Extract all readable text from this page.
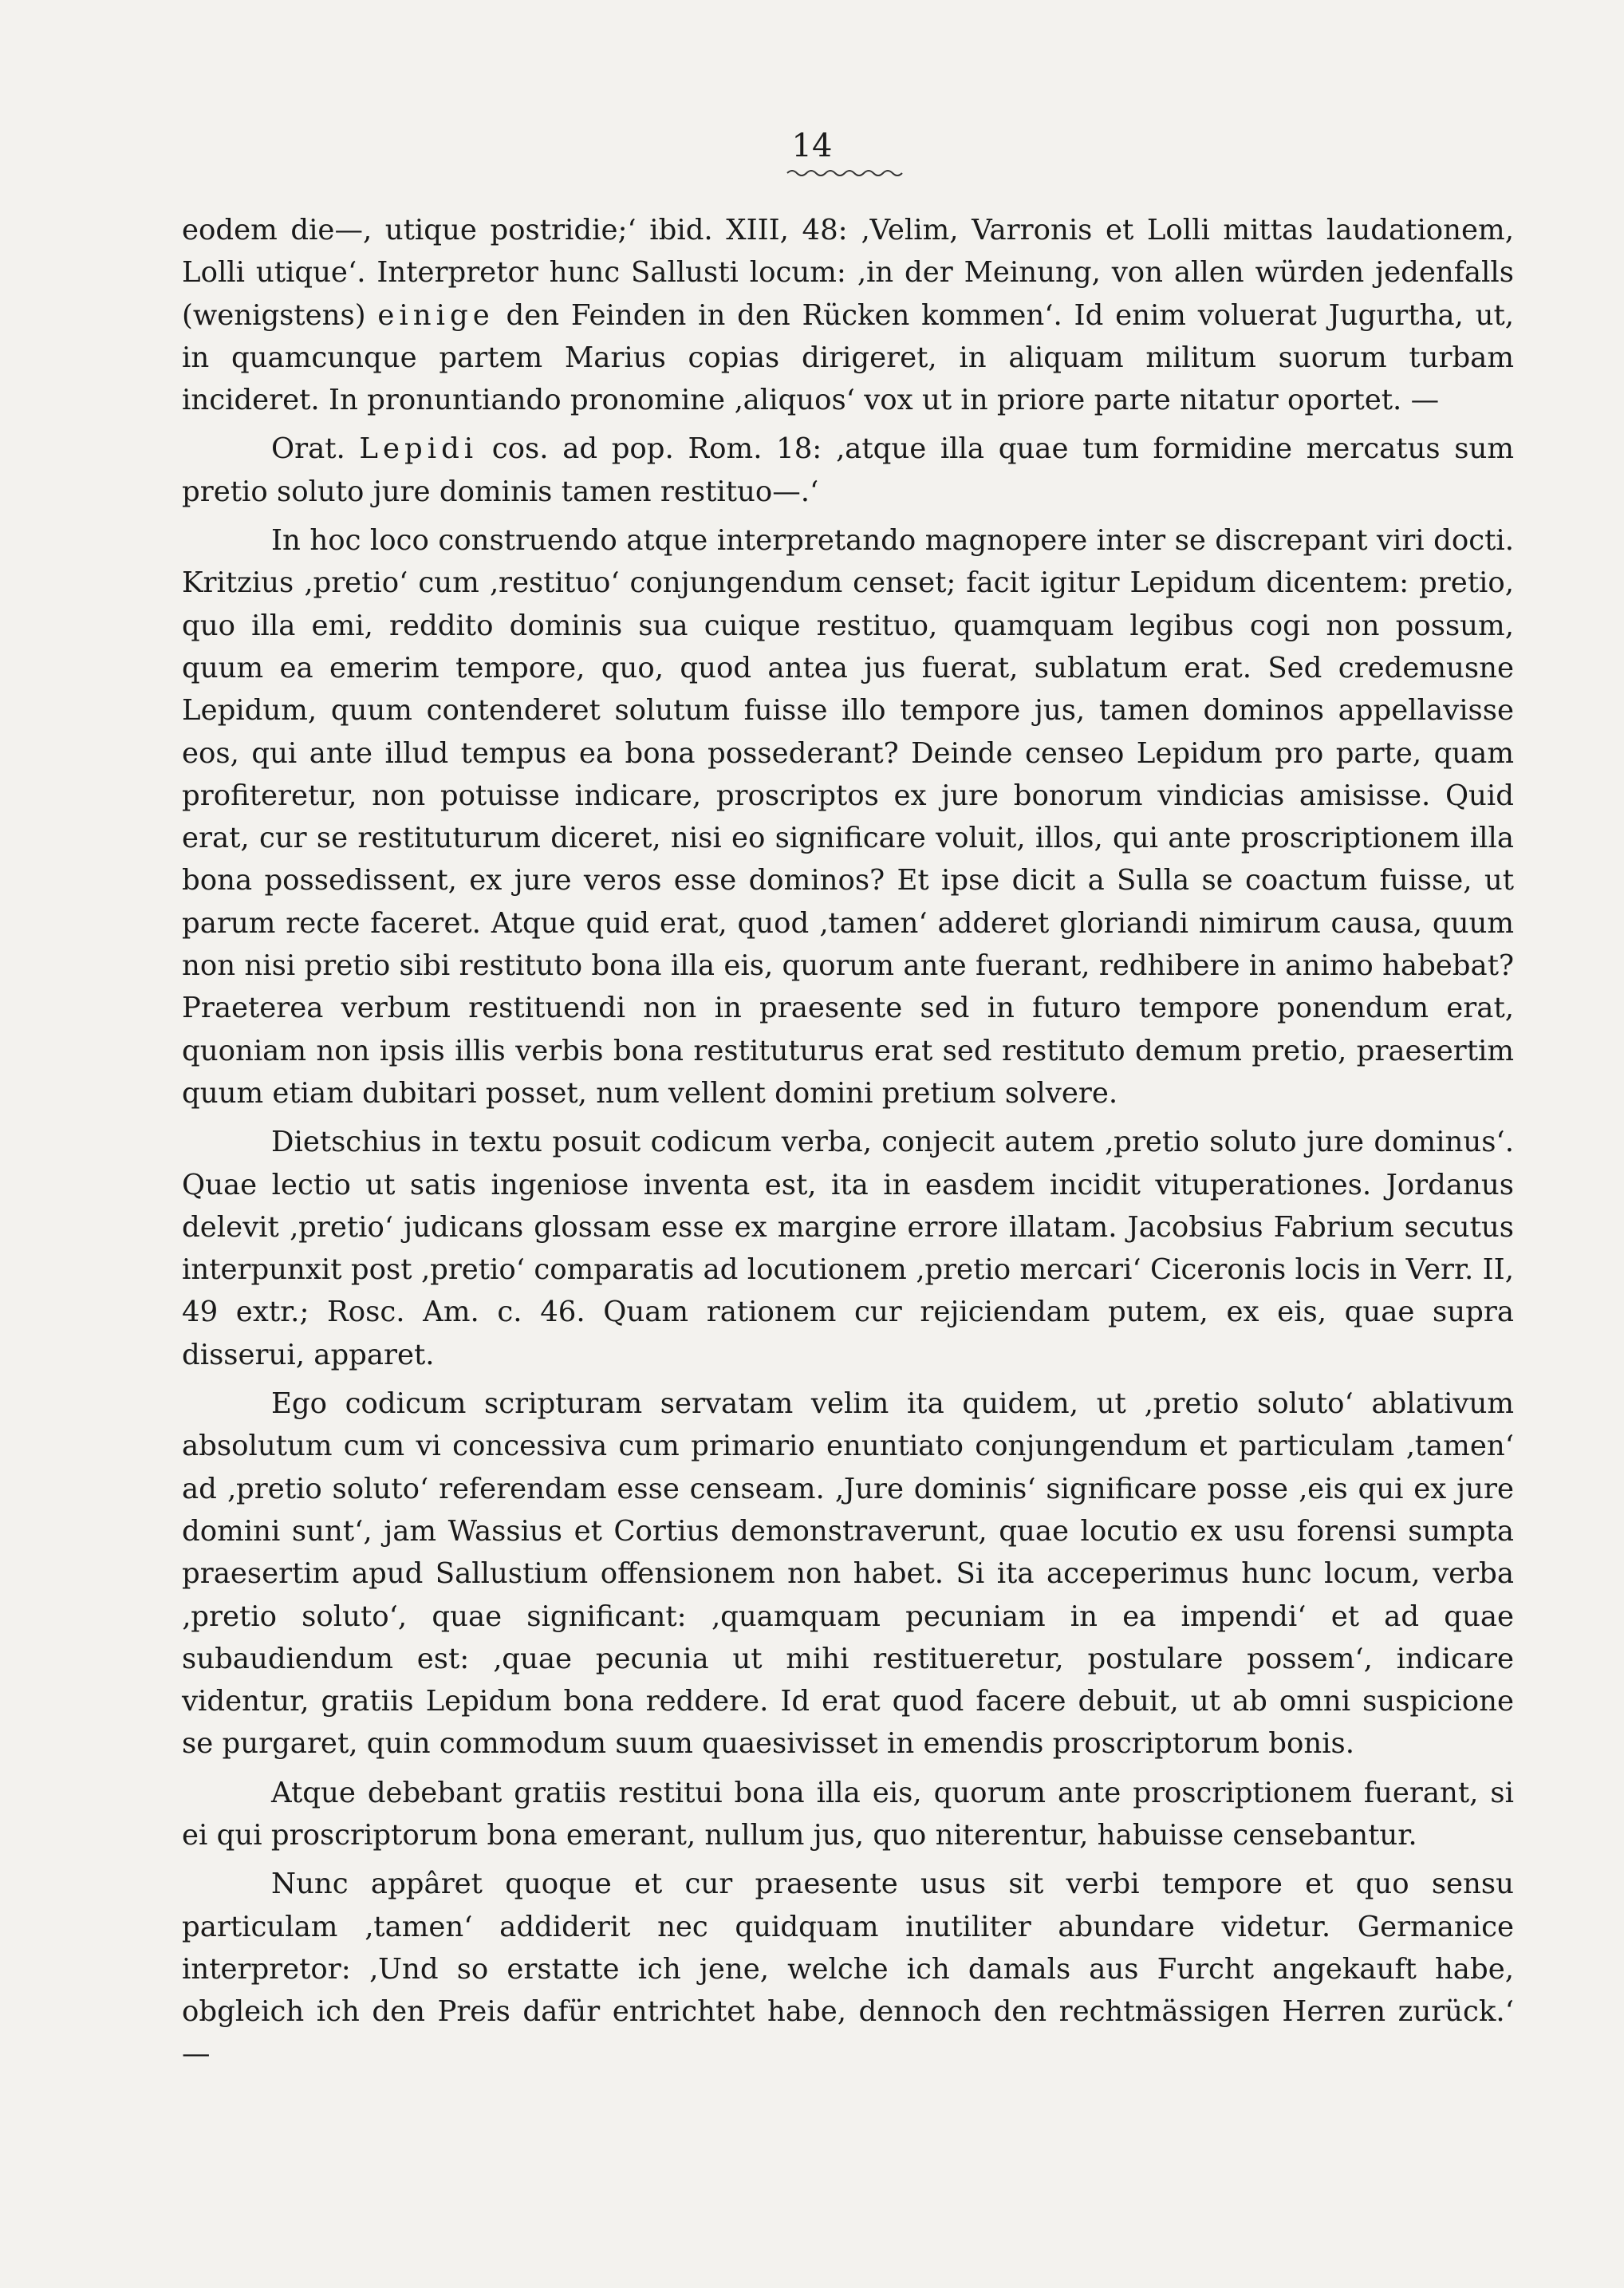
14

eodem die—, utique postridie;‘ ibid. XIII, 48: ‚Velim, Varronis et Lolli mittas laudationem, Lolli utique‘. Interpretor hunc Sallusti locum: ‚in der Meinung, von allen würden jedenfalls (wenigstens) einige den Feinden in den Rücken kommen‘. Id enim voluerat Jugurtha, ut, in quamcunque partem Marius copias dirigeret, in aliquam militum suorum turbam incideret. In pronuntiando pronomine ‚aliquos‘ vox ut in priore parte nitatur oportet. —

Orat. Lepidi cos. ad pop. Rom. 18: ‚atque illa quae tum formidine mercatus sum pretio soluto jure dominis tamen restituo—.‘

In hoc loco construendo atque interpretando magnopere inter se discrepant viri docti. Kritzius ‚pretio‘ cum ‚restituo‘ conjungendum censet; facit igitur Lepidum dicentem: pretio, quo illa emi, reddito dominis sua cuique restituo, quamquam legibus cogi non possum, quum ea emerim tempore, quo, quod antea jus fuerat, sublatum erat. Sed credemusne Lepidum, quum contenderet solutum fuisse illo tempore jus, tamen dominos appellavisse eos, qui ante illud tempus ea bona possederant? Deinde censeo Lepidum pro parte, quam profiteretur, non potuisse indicare, proscriptos ex jure bonorum vindicias amisisse. Quid erat, cur se restituturum diceret, nisi eo significare voluit, illos, qui ante proscriptionem illa bona possedissent, ex jure veros esse dominos? Et ipse dicit a Sulla se coactum fuisse, ut parum recte faceret. Atque quid erat, quod ‚tamen‘ adderet gloriandi nimirum causa, quum non nisi pretio sibi restituto bona illa eis, quorum ante fuerant, redhibere in animo habebat? Praeterea verbum restituendi non in praesente sed in futuro tempore ponendum erat, quoniam non ipsis illis verbis bona restituturus erat sed restituto demum pretio, praesertim quum etiam dubitari posset, num vellent domini pretium solvere.

Dietschius in textu posuit codicum verba, conjecit autem ‚pretio soluto jure dominus‘. Quae lectio ut satis ingeniose inventa est, ita in easdem incidit vituperationes. Jordanus delevit ‚pretio‘ judicans glossam esse ex margine errore illatam. Jacobsius Fabrium secutus interpunxit post ‚pretio‘ comparatis ad locutionem ‚pretio mercari‘ Ciceronis locis in Verr. II, 49 extr.; Rosc. Am. c. 46. Quam rationem cur rejiciendam putem, ex eis, quae supra disserui, apparet.

Ego codicum scripturam servatam velim ita quidem, ut ‚pretio soluto‘ ablativum absolutum cum vi concessiva cum primario enuntiato conjungendum et particulam ‚tamen‘ ad ‚pretio soluto‘ referendam esse censeam. ‚Jure dominis‘ significare posse ‚eis qui ex jure domini sunt‘, jam Wassius et Cortius demonstraverunt, quae locutio ex usu forensi sumpta praesertim apud Sallustium offensionem non habet. Si ita acceperimus hunc locum, verba ‚pretio soluto‘, quae significant: ‚quamquam pecuniam in ea impendi‘ et ad quae subaudiendum est: ‚quae pecunia ut mihi restitueretur, postulare possem‘, indicare videntur, gratiis Lepidum bona reddere. Id erat quod facere debuit, ut ab omni suspicione se purgaret, quin commodum suum quaesivisset in emendis proscriptorum bonis.

Atque debebant gratiis restitui bona illa eis, quorum ante proscriptionem fuerant, si ei qui proscriptorum bona emerant, nullum jus, quo niterentur, habuisse censebantur.

Nunc appâret quoque et cur praesente usus sit verbi tempore et quo sensu particulam ‚tamen‘ addiderit nec quidquam inutiliter abundare videtur. Germanice interpretor: ‚Und so erstatte ich jene, welche ich damals aus Furcht angekauft habe, obgleich ich den Preis dafür entrichtet habe, dennoch den rechtmässigen Herren zurück.‘ —
